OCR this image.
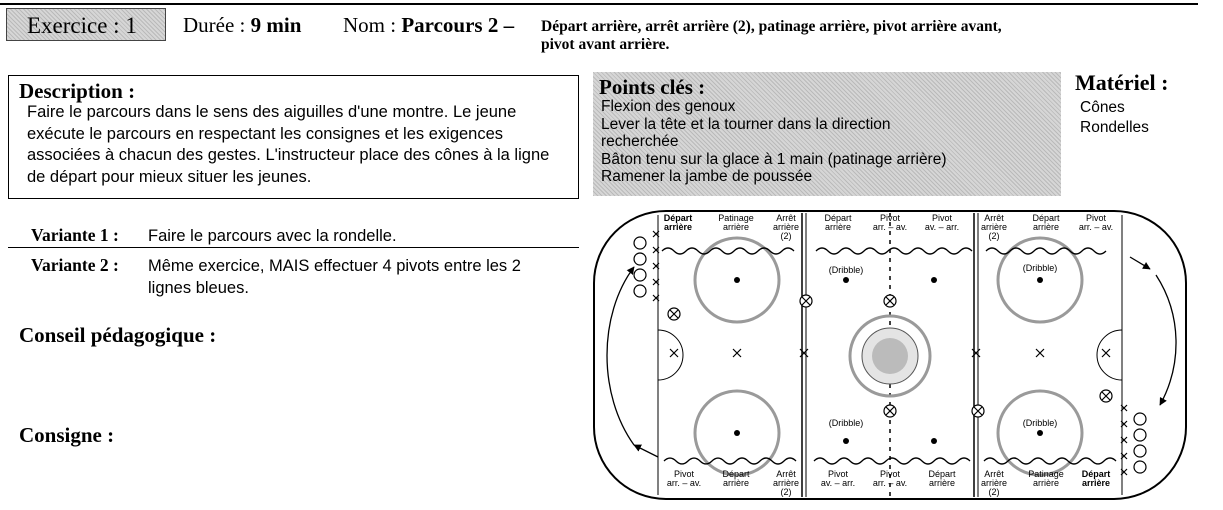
Exercice : 1	Durée : 9 min Nom : Parcours 2 – Départ arrière, arrêt arrière (2), patinage arrière, pivot arrière avant,
pivot avant arrière.
Description :
Faire le parcours dans le sens des aiguilles d'une montre. Le jeune exécute le parcours en respectant les consignes et les exigences associées à chacun des gestes. L'instructeur place des cônes à la ligne de départ pour mieux situer les jeunes.
Points clés :
Flexion des genoux
Lever la tête et la tourner dans la direction
recherchée
Bâton tenu sur la glace à 1 main (patinage arrière)
Ramener la jambe de poussée
Matériel :
Cônes
Rondelles
Variante 1 : Faire le parcours avec la rondelle.
Variante 2 : Même exercice, MAIS effectuer 4 pivots entre les 2 lignes bleues.
Conseil pédagogique :
Consigne :
Départ arrière
Patinage arrière
Arrêt arrière (2)
Départ arrière
Pivot arr. – av.
Pivot av. – arr.
Arrêt arrière (2)
Départ arrière
Pivot arr. – av.
Pivot arr. – av.
Départ arrière
Arrêt arrière (2)
Pivot av. – arr.
Pivot arr. – av.
Départ arrière
Arrêt arrière (2)
Patinage arrière
Départ arrière
(Dribble)	(Dribble)
(Dribble)	(Dribble)
